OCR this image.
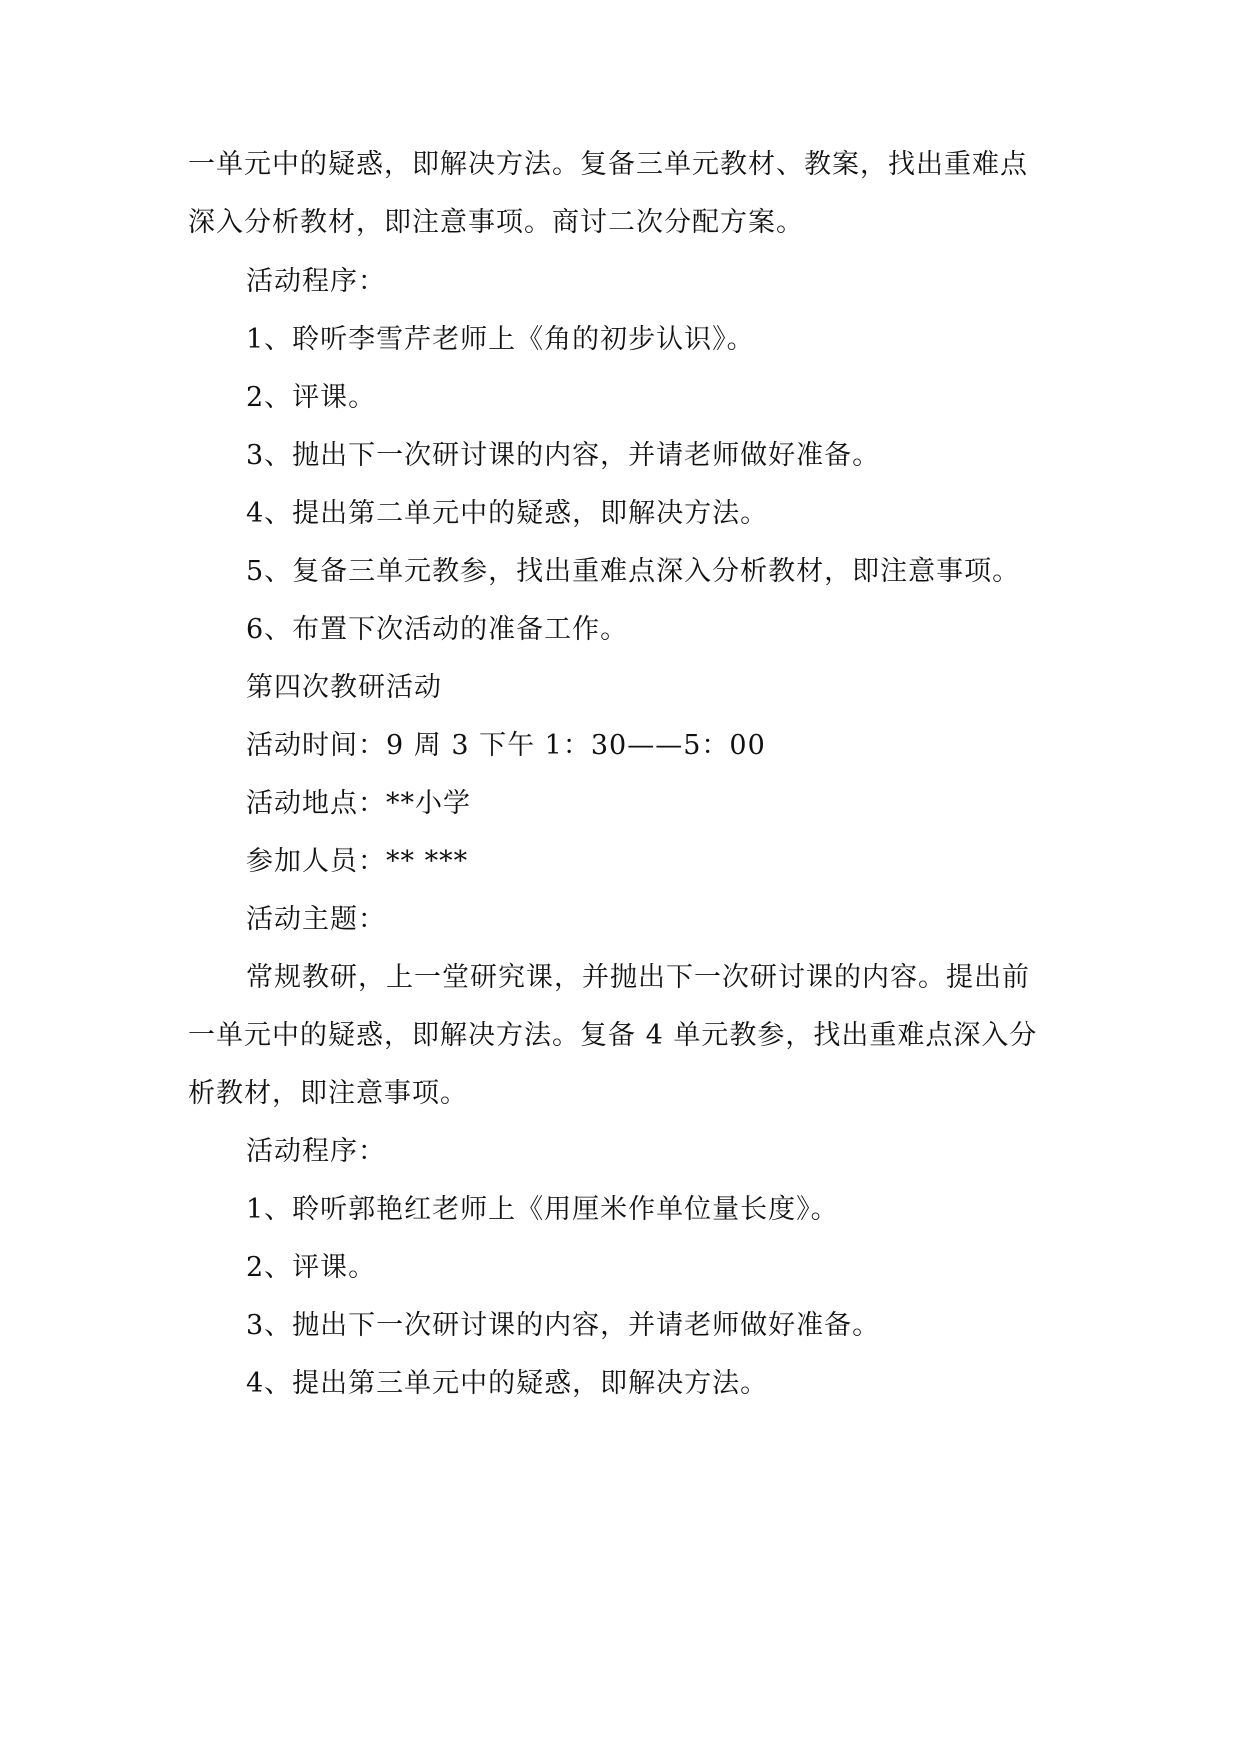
一单元中的疑惑，即解决方法。复备三单元教材、教案，找出重难点
深入分析教材，即注意事项。商讨二次分配方案。
活动程序：
1、聆听李雪芹老师上《角的初步认识》。
2、评课。
3、抛出下一次研讨课的内容，并请老师做好准备。
4、提出第二单元中的疑惑，即解决方法。
5、复备三单元教参，找出重难点深入分析教材，即注意事项。
6、布置下次活动的准备工作。
第四次教研活动
活动时间：9 周 3 下午 1：30——5：00
活动地点：**小学
参加人员：** ***
活动主题：
常规教研，上一堂研究课，并抛出下一次研讨课的内容。提出前
一单元中的疑惑，即解决方法。复备 4 单元教参，找出重难点深入分
析教材，即注意事项。
活动程序：
1、聆听郭艳红老师上《用厘米作单位量长度》。
2、评课。
3、抛出下一次研讨课的内容，并请老师做好准备。
4、提出第三单元中的疑惑，即解决方法。
